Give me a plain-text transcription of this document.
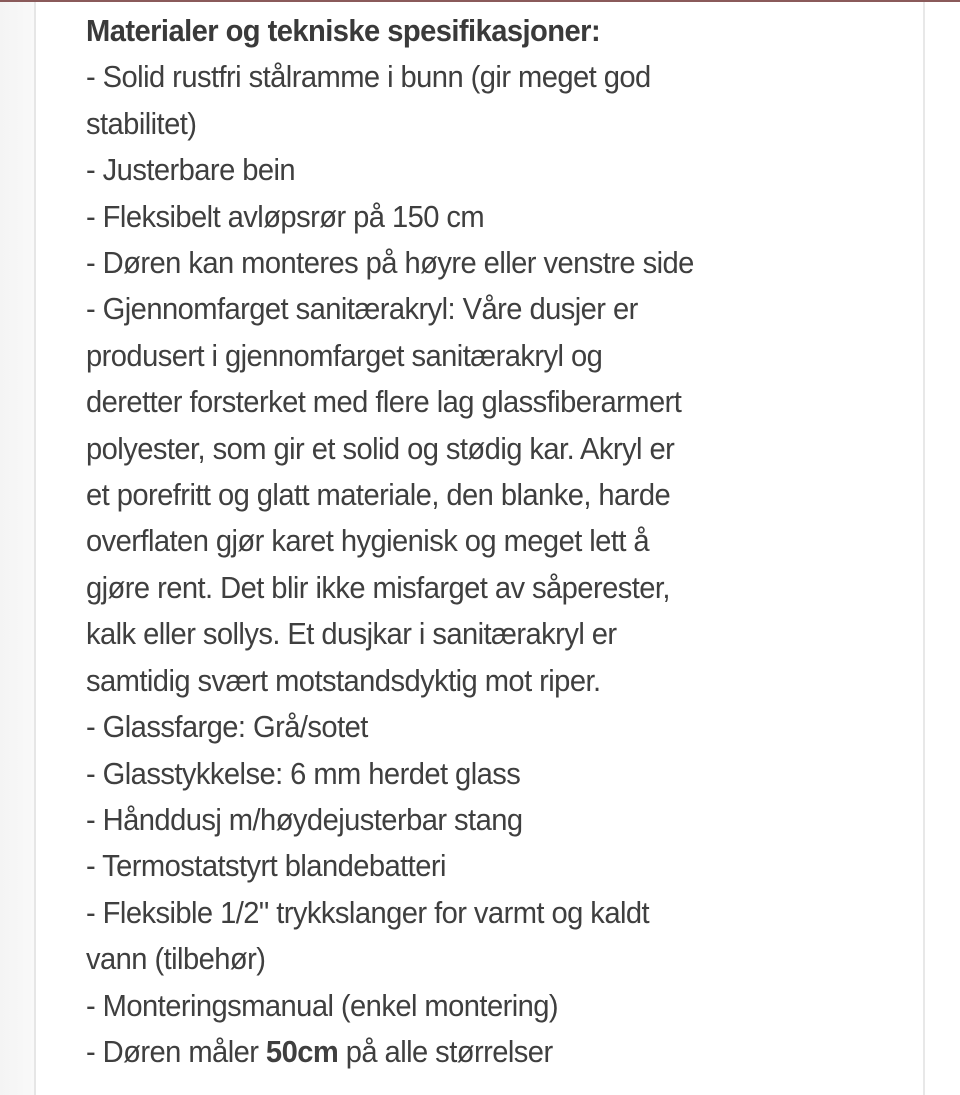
Materialer og tekniske spesifikasjoner:
- Solid rustfri stålramme i bunn (gir meget god
stabilitet)
- Justerbare bein
- Fleksibelt avløpsrør på 150 cm
- Døren kan monteres på høyre eller venstre side
- Gjennomfarget sanitærakryl: Våre dusjer er
produsert i gjennomfarget sanitærakryl og
deretter forsterket med flere lag glassfiberarmert
polyester, som gir et solid og stødig kar. Akryl er
et porefritt og glatt materiale, den blanke, harde
overflaten gjør karet hygienisk og meget lett å
gjøre rent. Det blir ikke misfarget av såperester,
kalk eller sollys. Et dusjkar i sanitærakryl er
samtidig svært motstandsdyktig mot riper.
- Glassfarge: Grå/sotet
- Glasstykkelse: 6 mm herdet glass
- Hånddusj m/høydejusterbar stang
- Termostatstyrt blandebatteri
- Fleksible 1/2" trykkslanger for varmt og kaldt
vann (tilbehør)
- Monteringsmanual (enkel montering)
- Døren måler 50cm på alle størrelser
